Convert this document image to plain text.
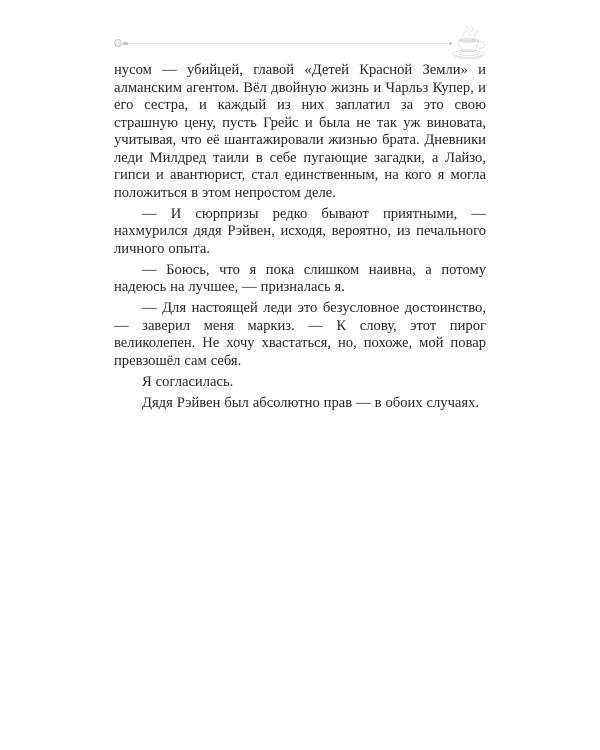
нусом — убийцей, главой «Детей Красной Земли» и алманским агентом. Вёл двойную жизнь и Чарльз Купер, и его сестра, и каждый из них заплатил за это свою страшную цену, пусть Грейс и была не так уж виновата, учитывая, что её шантажировали жизнью брата. Дневники леди Милдред таили в себе пугающие загадки, а Лайзо, гипси и авантюрист, стал единственным, на кого я могла положиться в этом непростом деле.

— И сюрпризы редко бывают приятными, — нахмурился дядя Рэйвен, исходя, вероятно, из печального личного опыта.

— Боюсь, что я пока слишком наивна, а потому надеюсь на лучшее, — призналась я.

— Для настоящей леди это безусловное достоинство, — заверил меня маркиз. — К слову, этот пирог великолепен. Не хочу хвастаться, но, похоже, мой повар превзошёл сам себя.

Я согласилась.

Дядя Рэйвен был абсолютно прав — в обоих случаях.
